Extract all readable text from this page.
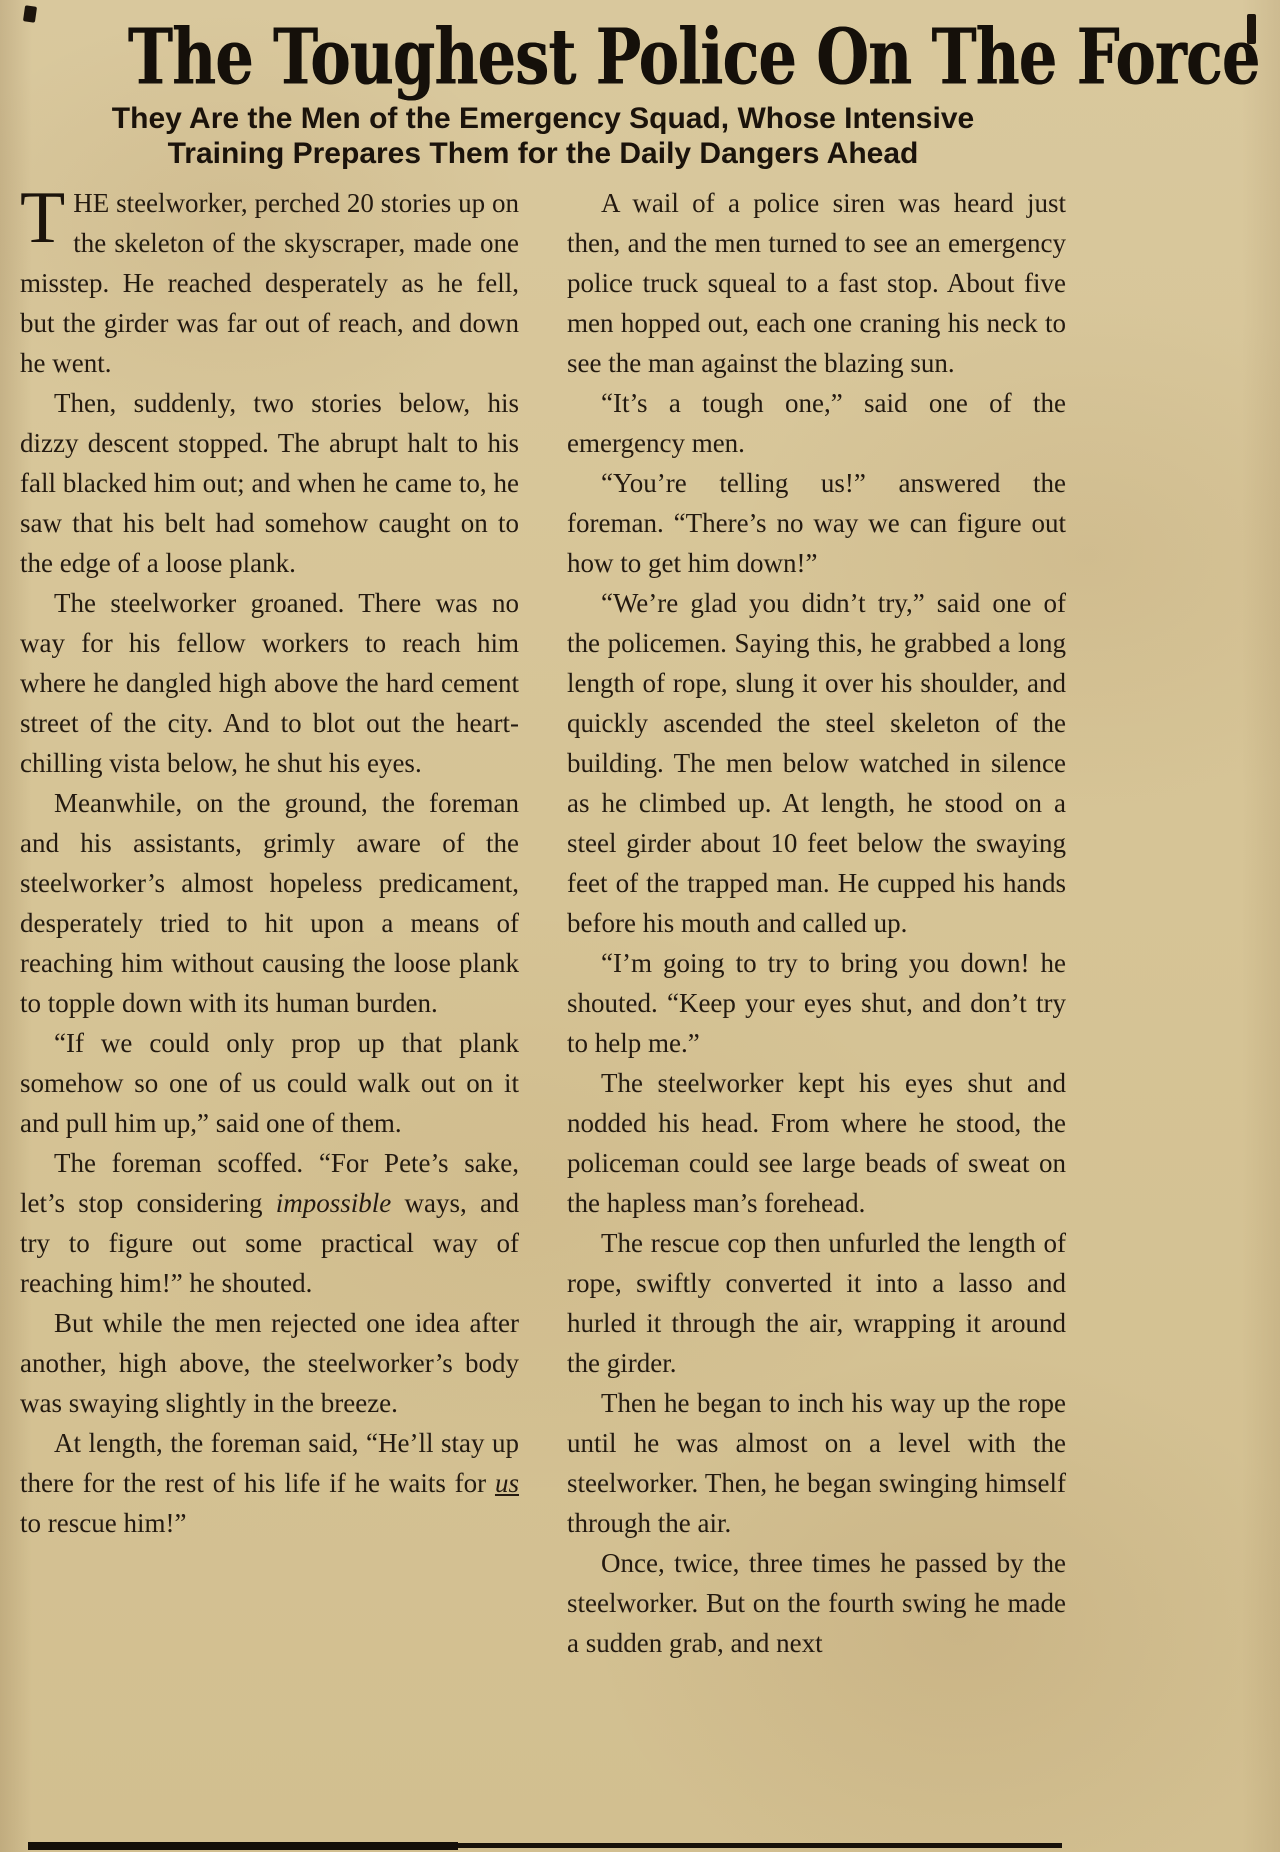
The Toughest Police On The Force
They Are the Men of the Emergency Squad, Whose Intensive
Training Prepares Them for the Daily Dangers Ahead

THE steelworker, perched 20 stories up on the skeleton of the skyscraper, made one misstep. He reached desperately as he fell, but the girder was far out of reach, and down he went.

Then, suddenly, two stories below, his dizzy descent stopped. The abrupt halt to his fall blacked him out; and when he came to, he saw that his belt had somehow caught on to the edge of a loose plank.

The steelworker groaned. There was no way for his fellow workers to reach him where he dangled high above the hard cement street of the city. And to blot out the heart-chilling vista below, he shut his eyes.

Meanwhile, on the ground, the foreman and his assistants, grimly aware of the steelworker’s almost hopeless predicament, desperately tried to hit upon a means of reaching him without causing the loose plank to topple down with its human burden.

“If we could only prop up that plank somehow so one of us could walk out on it and pull him up,” said one of them.

The foreman scoffed. “For Pete’s sake, let’s stop considering impossible ways, and try to figure out some practical way of reaching him!” he shouted.

But while the men rejected one idea after another, high above, the steelworker’s body was swaying slightly in the breeze.

At length, the foreman said, “He’ll stay up there for the rest of his life if he waits for us to rescue him!”

A wail of a police siren was heard just then, and the men turned to see an emergency police truck squeal to a fast stop. About five men hopped out, each one craning his neck to see the man against the blazing sun.

“It’s a tough one,” said one of the emergency men.

“You’re telling us!” answered the foreman. “There’s no way we can figure out how to get him down!”

“We’re glad you didn’t try,” said one of the policemen. Saying this, he grabbed a long length of rope, slung it over his shoulder, and quickly ascended the steel skeleton of the building. The men below watched in silence as he climbed up. At length, he stood on a steel girder about 10 feet below the swaying feet of the trapped man. He cupped his hands before his mouth and called up.

“I’m going to try to bring you down! he shouted. “Keep your eyes shut, and don’t try to help me.”

The steelworker kept his eyes shut and nodded his head. From where he stood, the policeman could see large beads of sweat on the hapless man’s forehead.

The rescue cop then unfurled the length of rope, swiftly converted it into a lasso and hurled it through the air, wrapping it around the girder.

Then he began to inch his way up the rope until he was almost on a level with the steelworker. Then, he began swinging himself through the air.

Once, twice, three times he passed by the steelworker. But on the fourth swing he made a sudden grab, and next
